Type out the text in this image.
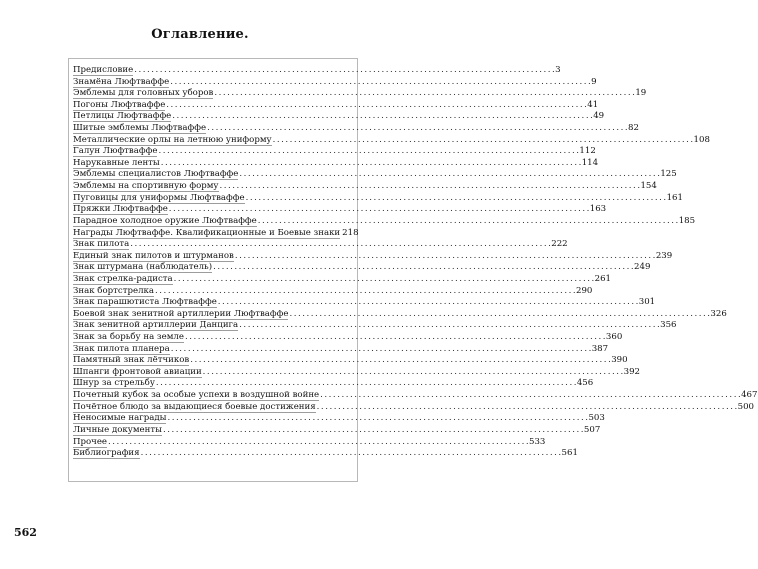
Оглавление.
Предисловие . . .	3
Знамёна Люфтваффе . . .	9
Эмблемы для головных уборов . . .	19
Погоны Люфтваффе . . .	41
Петлицы Люфтваффе . . .	49
Шитые эмблемы Люфтваффе . . .	82
Металлические орлы на летнюю униформу . . .	108
Галун Люфтваффе . . .	112
Нарукавные ленты . . .	114
Эмблемы специалистов Люфтваффе . . .	125
Эмблемы на спортивную форму . . .	154
Пуговицы для униформы Люфтваффе . . .	161
Пряжки Люфтваффе . . .	163
Парадное холодное оружие Люфтваффе . . .	185
Награды Люфтваффе. Квалификационные и Боевые знаки 218
Знак пилота . . .	222
Единый знак пилотов и штурманов . . .	239
Знак штурмана (наблюдатель) . . .	249
Знак стрелка-радиста . . .	261
Знак бортстрелка . . .	290
Знак парашютиста Люфтваффе . . .	301
Боевой знак зенитной артиллерии Люфтваффе . . .	326
Знак зенитной артиллерии Данцига . . .	356
Знак за борьбу на земле . . .	360
Знак пилота планера . . .	387
Памятный знак лётчиков . . .	390
Шпанги фронтовой авиации . . .	392
Шнур за стрельбу . . .	456
Почетный кубок за особые успехи в воздушной войне . . .	467
Почётное блюдо за выдающиеся боевые достижения . . .	500
Неносимые награды . . .	503
Личные документы . . .	507
Прочее . . .	533
Библиография . . .	561
562
